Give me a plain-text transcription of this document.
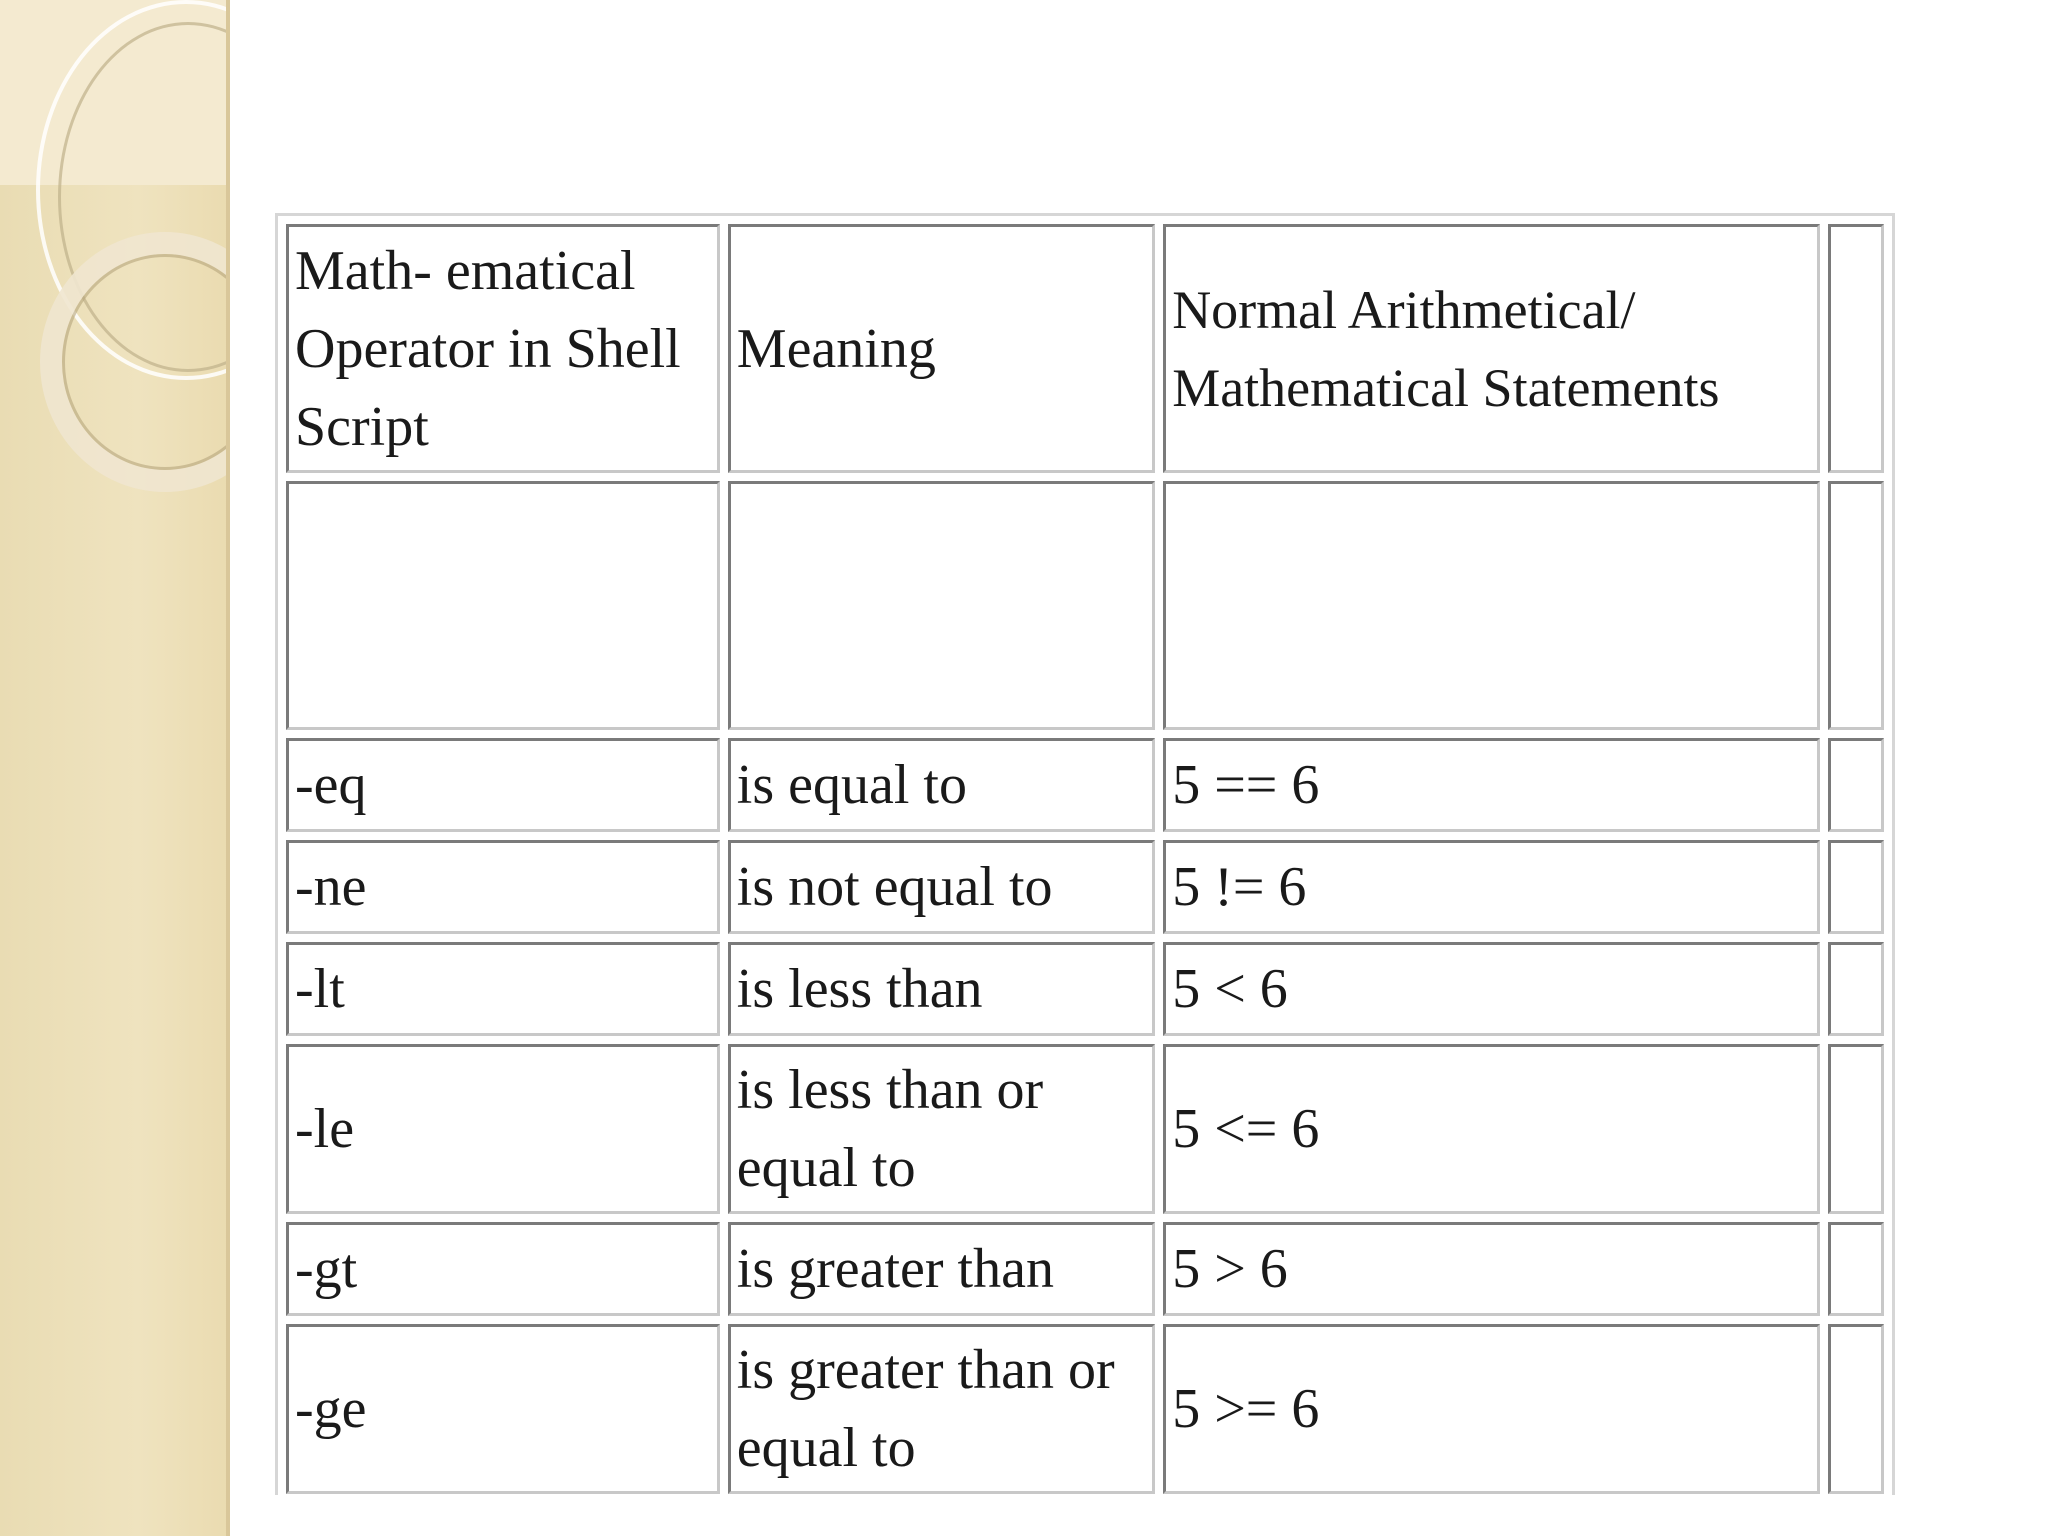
Math- ematical Operator in Shell Script	Meaning	Normal Arithmetical/ Mathematical Statements	

-eq	is equal to	5 == 6	
-ne	is not equal to	5 != 6	
-lt	is less than	5 < 6	
-le	is less than or equal to	5 <= 6	
-gt	is greater than	5 > 6	
-ge	is greater than or equal to	5 >= 6	
